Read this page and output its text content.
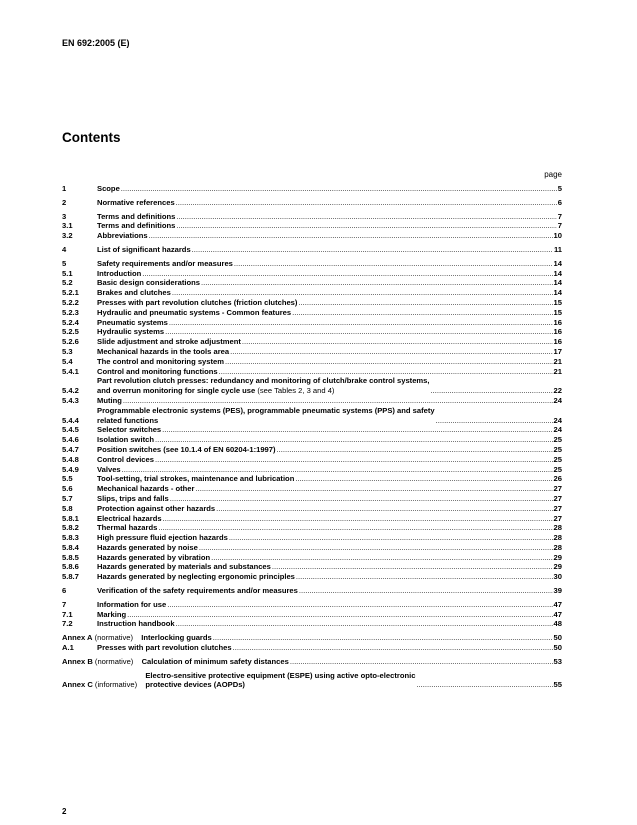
EN 692:2005 (E)
Contents
page
1	Scope .....	5
2	Normative references .....	6
3	Terms and definitions .....	7
3.1	Terms and definitions .....	7
3.2	Abbreviations .....	10
4	List of significant hazards .....	11
5	Safety requirements and/or measures .....	14
5.1	Introduction .....	14
5.2	Basic design considerations .....	14
5.2.1	Brakes and clutches .....	14
5.2.2	Presses with part revolution clutches (friction clutches) .....	15
5.2.3	Hydraulic and pneumatic systems - Common features .....	15
5.2.4	Pneumatic systems .....	16
5.2.5	Hydraulic systems .....	16
5.2.6	Slide adjustment and stroke adjustment .....	16
5.3	Mechanical hazards in the tools area .....	17
5.4	The control and monitoring system .....	21
5.4.1	Control and monitoring functions .....	21
5.4.2
Part revolution clutch presses: redundancy and monitoring of clutch/brake control systems,
and overrun monitoring for single cycle use (see Tables 2, 3 and 4) .....	22
5.4.3	Muting .....	24
5.4.4
Programmable electronic systems (PES), programmable pneumatic systems (PPS) and safety
related functions .....	24
5.4.5	Selector switches .....	24
5.4.6	Isolation switch .....	25
5.4.7	Position switches (see 10.1.4 of EN 60204-1:1997) .....	25
5.4.8	Control devices .....	25
5.4.9	Valves .....	25
5.5	Tool-setting, trial strokes, maintenance and lubrication .....	26
5.6	Mechanical hazards - other .....	27
5.7	Slips, trips and falls .....	27
5.8	Protection against other hazards .....	27
5.8.1	Electrical hazards .....	27
5.8.2	Thermal hazards .....	28
5.8.3	High pressure fluid ejection hazards .....	28
5.8.4	Hazards generated by noise .....	28
5.8.5	Hazards generated by vibration .....	29
5.8.6	Hazards generated by materials and substances .....	29
5.8.7	Hazards generated by neglecting ergonomic principles .....	30
6	Verification of the safety requirements and/or measures .....	39
7	Information for use .....	47
7.1	Marking .....	47
7.2	Instruction handbook .....	48
Annex A (normative)	Interlocking guards .....	50
A.1	Presses with part revolution clutches .....	50
Annex B (normative)	Calculation of minimum safety distances .....	53
Annex C (informative)
Electro-sensitive protective equipment (ESPE) using active opto-electronic
protective devices (AOPDs) .....	55
2
